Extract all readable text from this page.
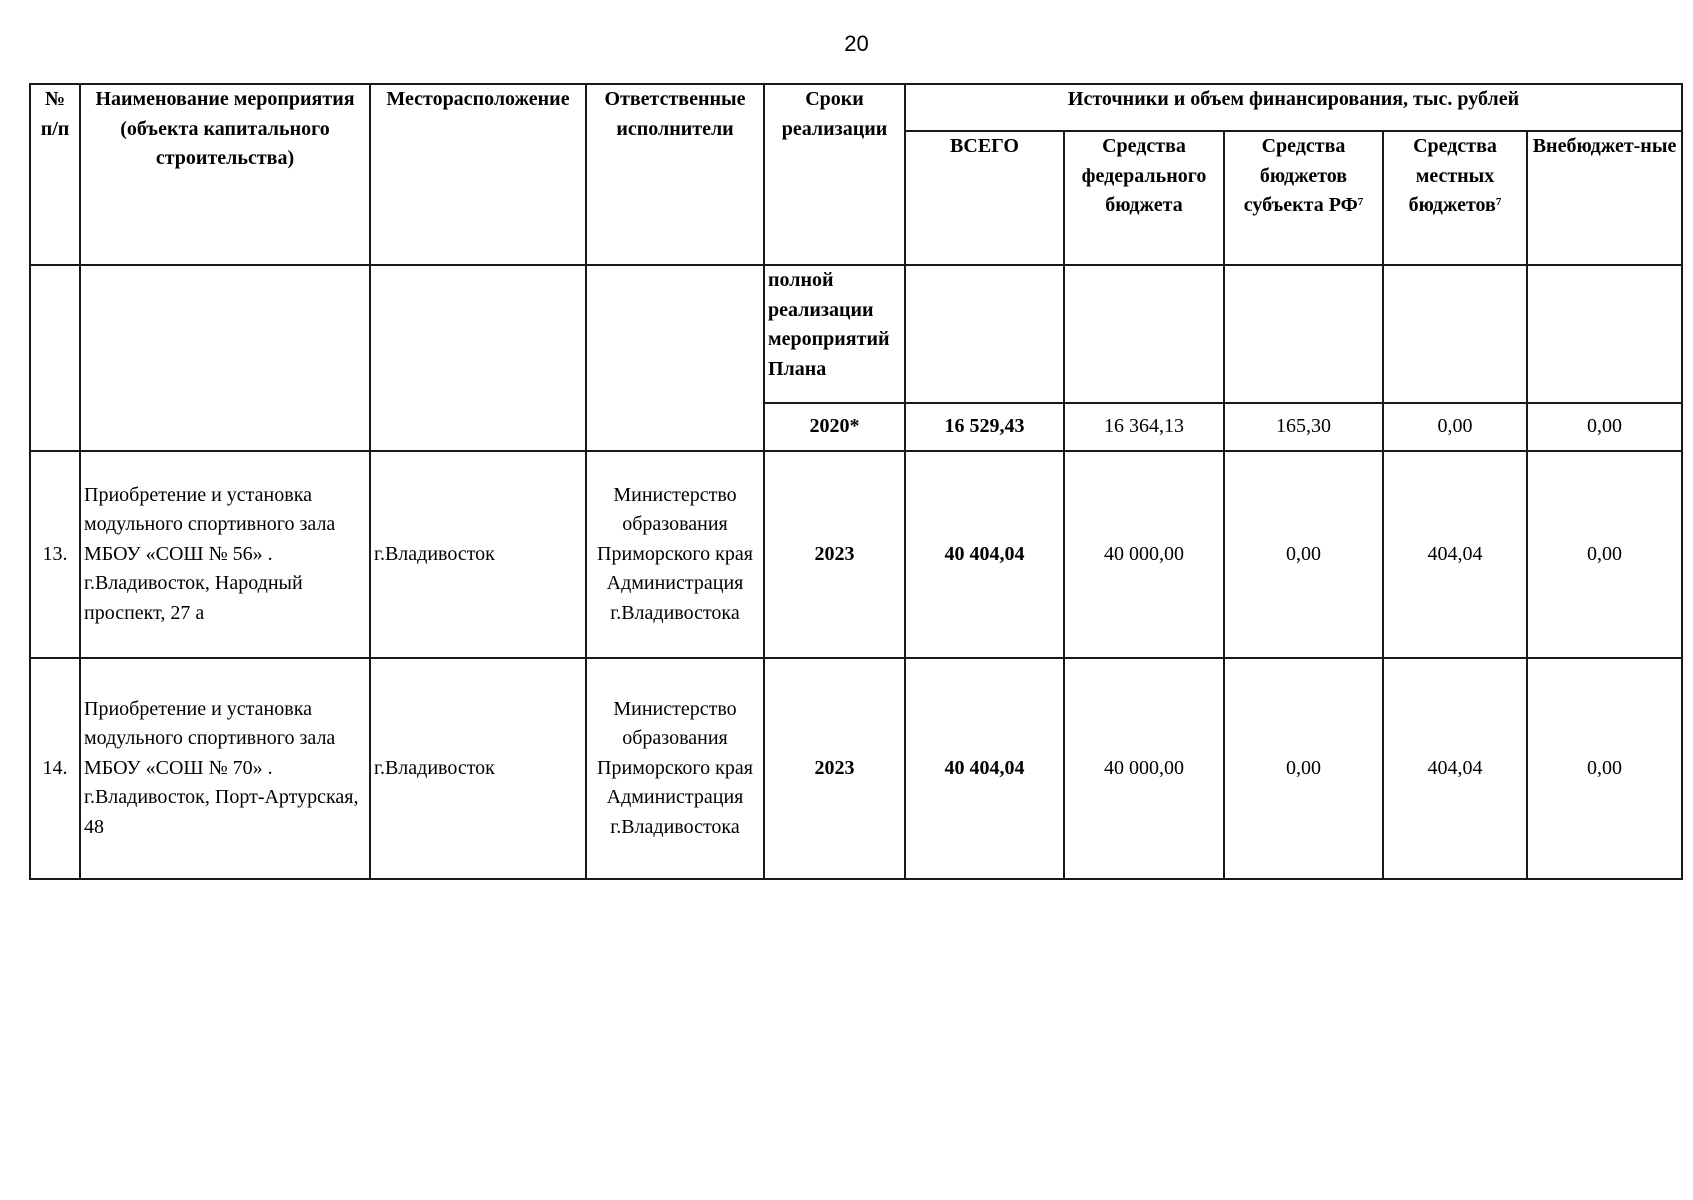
20
№ п/п	Наименование мероприятия (объекта капитального строительства)	Месторасположение	Ответственные исполнители	Сроки реализации	Источники и объем финансирования, тыс. рублей				
					ВСЕГО	Средства федерального бюджета	Средства бюджетов субъекта $РФ^7$	Средства местных бюджетов$^7$	Внебюджет-ные
				полной реализации мероприятий Плана					
				2020*	16 529,43	16 364,13	165,30	0,00	0,00
13.	Приобретение и установка модульного спортивного зала МБОУ «СОШ № 56» . г.Владивосток, Народный проспект, 27 а	г.Владивосток	Министерство образования Приморского края Администрация г.Владивостока	2023	40 404,04	40 000,00	0,00	404,04	0,00
14.	Приобретение и установка модульного спортивного зала МБОУ «СОШ № 70» . г.Владивосток, Порт-Артурская, 48	г.Владивосток	Министерство образования Приморского края Администрация г.Владивостока	2023	40 404,04	40 000,00	0,00	404,04	0,00
